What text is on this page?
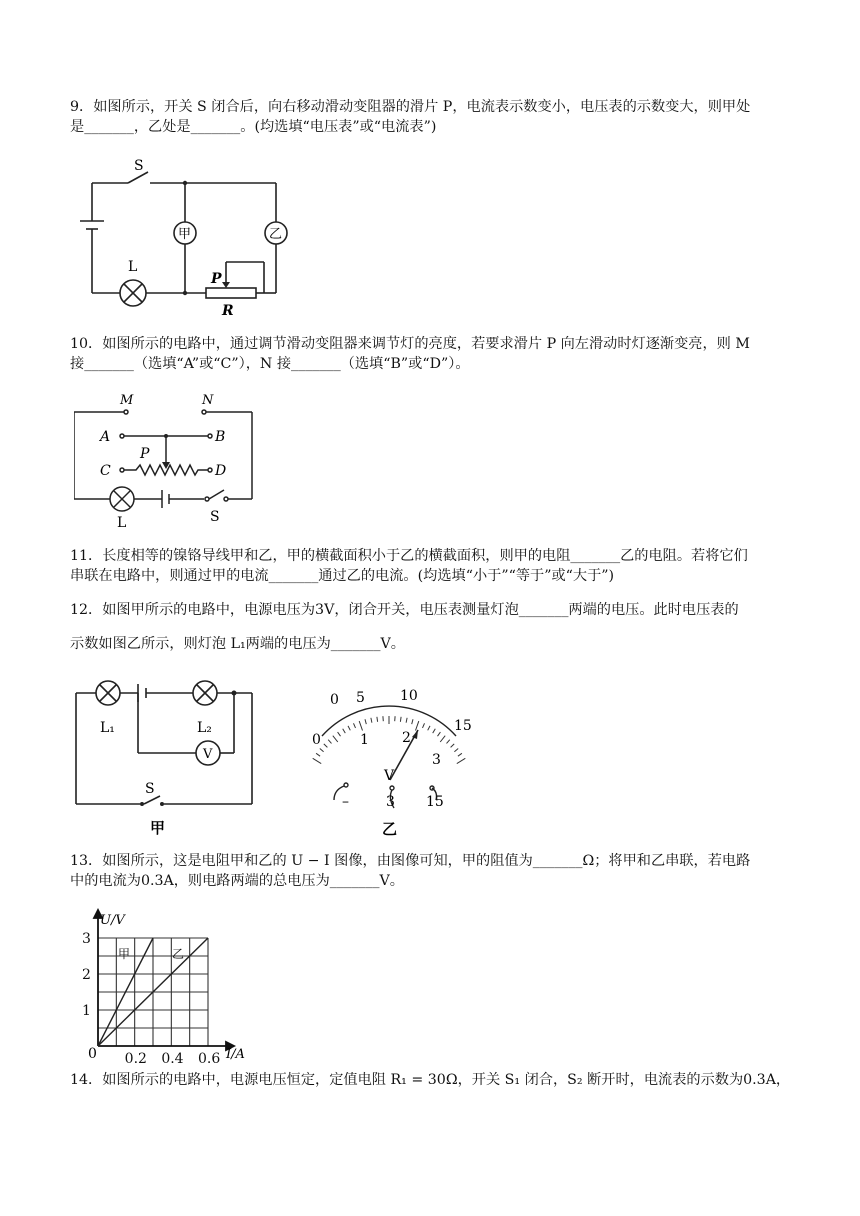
9．如图所示，开关 S 闭合后，向右移动滑动变阻器的滑片 P，电流表示数变小，电压表的示数变大，则甲处
是_______，乙处是_______。(均选填“电压表”或“电流表”)

S
甲	乙
L
P
R

10．如图所示的电路中，通过调节滑动变阻器来调节灯的亮度，若要求滑片 P 向左滑动时灯逐渐变亮，则 M
接_______（选填“A”或“C”），N 接_______（选填“B”或“D”）。

M	N
A	B
C	D
P
L	S

11．长度相等的镍铬导线甲和乙，甲的横截面积小于乙的横截面积，则甲的电阻_______乙的电阻。若将它们
串联在电路中，则通过甲的电流_______通过乙的电流。(均选填“小于”“等于”或“大于”)

12．如图甲所示的电路中，电源电压为3V，闭合开关，电压表测量灯泡_______两端的电压。此时电压表的
示数如图乙所示，则灯泡 L₁两端的电压为_______V。

L₁	L₂
V
S
甲
0 5	10
15
0	1 2
3
V
–	3 15
乙

13．如图所示，这是电阻甲和乙的 U − I 图像，由图像可知，甲的阻值为_______Ω；将甲和乙串联，若电路
中的电流为0.3A，则电路两端的总电压为_______V。

0.2 0.4 0.6
1
2
3
U/V
I/A
0
甲	乙

14．如图所示的电路中，电源电压恒定，定值电阻 R₁ = 30Ω，开关 S₁ 闭合，S₂ 断开时，电流表的示数为0.3A，
